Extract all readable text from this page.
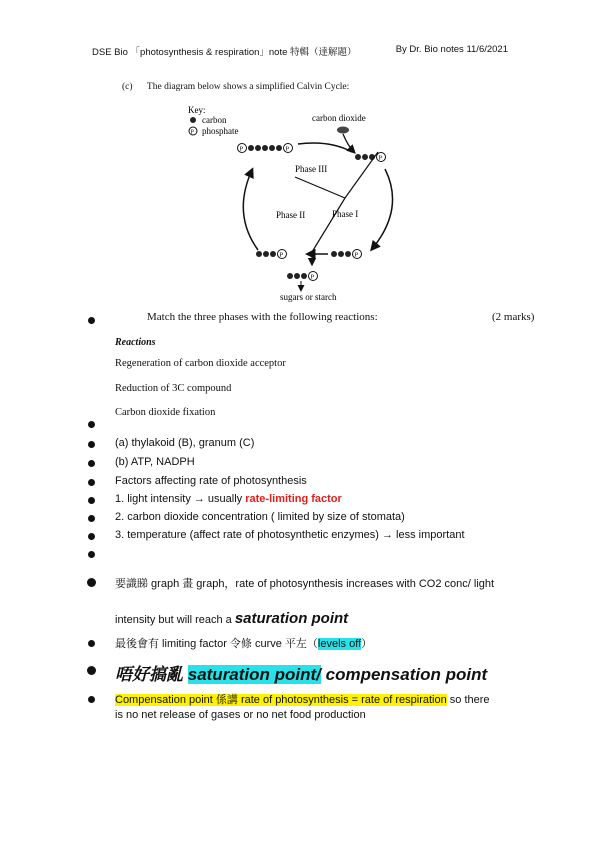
DSE Bio 「photosynthesis & respiration」note 特輯（達解題）	By Dr. Bio notes 11/6/2021
(c) The diagram below shows a simplified Calvin Cycle:
Key:
carbon
P phosphate
carbon dioxide
P	P
P
Phase III
Phase II	Phase I
P	P
P
sugars or starch
Match the three phases with the following reactions:	(2 marks)
Reactions
Regeneration of carbon dioxide acceptor
Reduction of 3C compound
Carbon dioxide fixation
(a) thylakoid (B), granum (C)
(b) ATP, NADPH
Factors affecting rate of photosynthesis
1. light intensity → usually rate-limiting factor
2. carbon dioxide concentration ( limited by size of stomata)
3. temperature (affect rate of photosynthetic enzymes) → less important
要識睇 graph 畫 graph，rate of photosynthesis increases with CO2 conc/ light
intensity but will reach a saturation point
最後會有 limiting factor 令條 curve 平左（levels off）
唔好搞亂 saturation point/ compensation point
Compensation point 係講 rate of photosynthesis = rate of respiration so there
is no net release of gases or no net food production
